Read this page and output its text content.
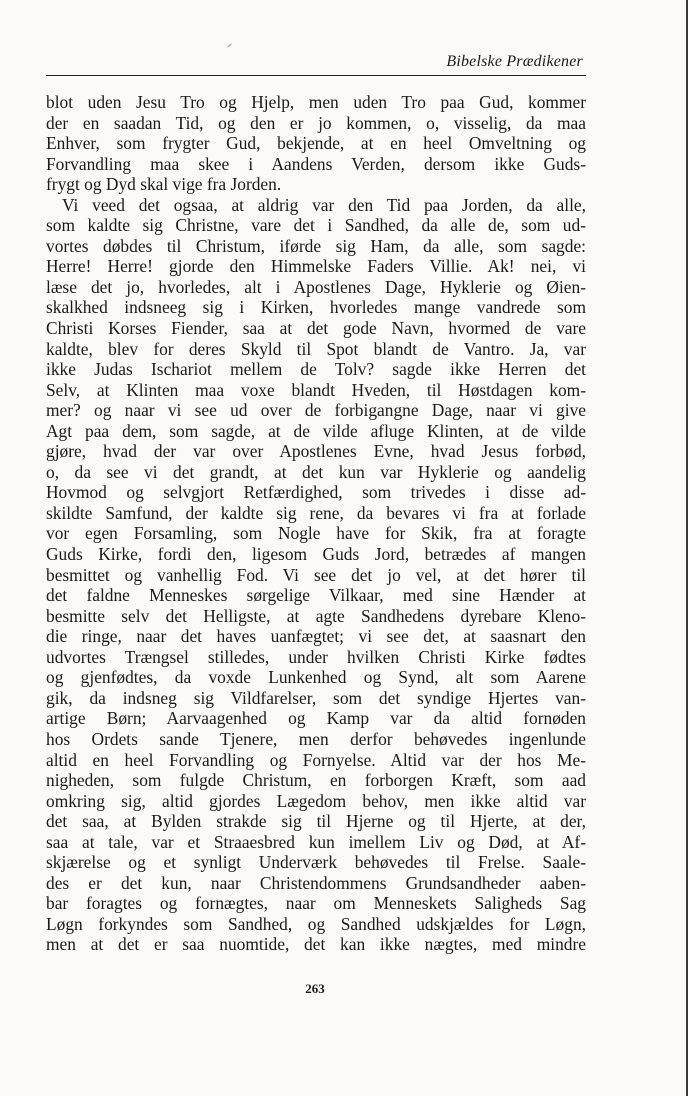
Bibelske Prædikener
blot uden Jesu Tro og Hjelp, men uden Tro paa Gud, kommer
der en saadan Tid, og den er jo kommen, o, visselig, da maa
Enhver, som frygter Gud, bekjende, at en heel Omveltning og
Forvandling maa skee i Aandens Verden, dersom ikke Guds-
frygt og Dyd skal vige fra Jorden.
Vi veed det ogsaa, at aldrig var den Tid paa Jorden, da alle,
som kaldte sig Christne, vare det i Sandhed, da alle de, som ud-
vortes døbdes til Christum, iførde sig Ham, da alle, som sagde:
Herre! Herre! gjorde den Himmelske Faders Villie. Ak! nei, vi
læse det jo, hvorledes, alt i Apostlenes Dage, Hyklerie og Øien-
skalkhed indsneeg sig i Kirken, hvorledes mange vandrede som
Christi Korses Fiender, saa at det gode Navn, hvormed de vare
kaldte, blev for deres Skyld til Spot blandt de Vantro. Ja, var
ikke Judas Ischariot mellem de Tolv? sagde ikke Herren det
Selv, at Klinten maa voxe blandt Hveden, til Høstdagen kom-
mer? og naar vi see ud over de forbigangne Dage, naar vi give
Agt paa dem, som sagde, at de vilde afluge Klinten, at de vilde
gjøre, hvad der var over Apostlenes Evne, hvad Jesus forbød,
o, da see vi det grandt, at det kun var Hyklerie og aandelig
Hovmod og selvgjort Retfærdighed, som trivedes i disse ad-
skildte Samfund, der kaldte sig rene, da bevares vi fra at forlade
vor egen Forsamling, som Nogle have for Skik, fra at foragte
Guds Kirke, fordi den, ligesom Guds Jord, betrædes af mangen
besmittet og vanhellig Fod. Vi see det jo vel, at det hører til
det faldne Menneskes sørgelige Vilkaar, med sine Hænder at
besmitte selv det Helligste, at agte Sandhedens dyrebare Kleno-
die ringe, naar det haves uanfægtet; vi see det, at saasnart den
udvortes Trængsel stilledes, under hvilken Christi Kirke fødtes
og gjenfødtes, da voxde Lunkenhed og Synd, alt som Aarene
gik, da indsneg sig Vildfarelser, som det syndige Hjertes van-
artige Børn; Aarvaagenhed og Kamp var da altid fornøden
hos Ordets sande Tjenere, men derfor behøvedes ingenlunde
altid en heel Forvandling og Fornyelse. Altid var der hos Me-
nigheden, som fulgde Christum, en forborgen Kræft, som aad
omkring sig, altid gjordes Lægedom behov, men ikke altid var
det saa, at Bylden strakde sig til Hjerne og til Hjerte, at der,
saa at tale, var et Straaesbred kun imellem Liv og Død, at Af-
skjærelse og et synligt Underværk behøvedes til Frelse. Saale-
des er det kun, naar Christendommens Grundsandheder aaben-
bar foragtes og fornægtes, naar om Menneskets Saligheds Sag
Løgn forkyndes som Sandhed, og Sandhed udskjældes for Løgn,
men at det er saa nuomtide, det kan ikke nægtes, med mindre
263
